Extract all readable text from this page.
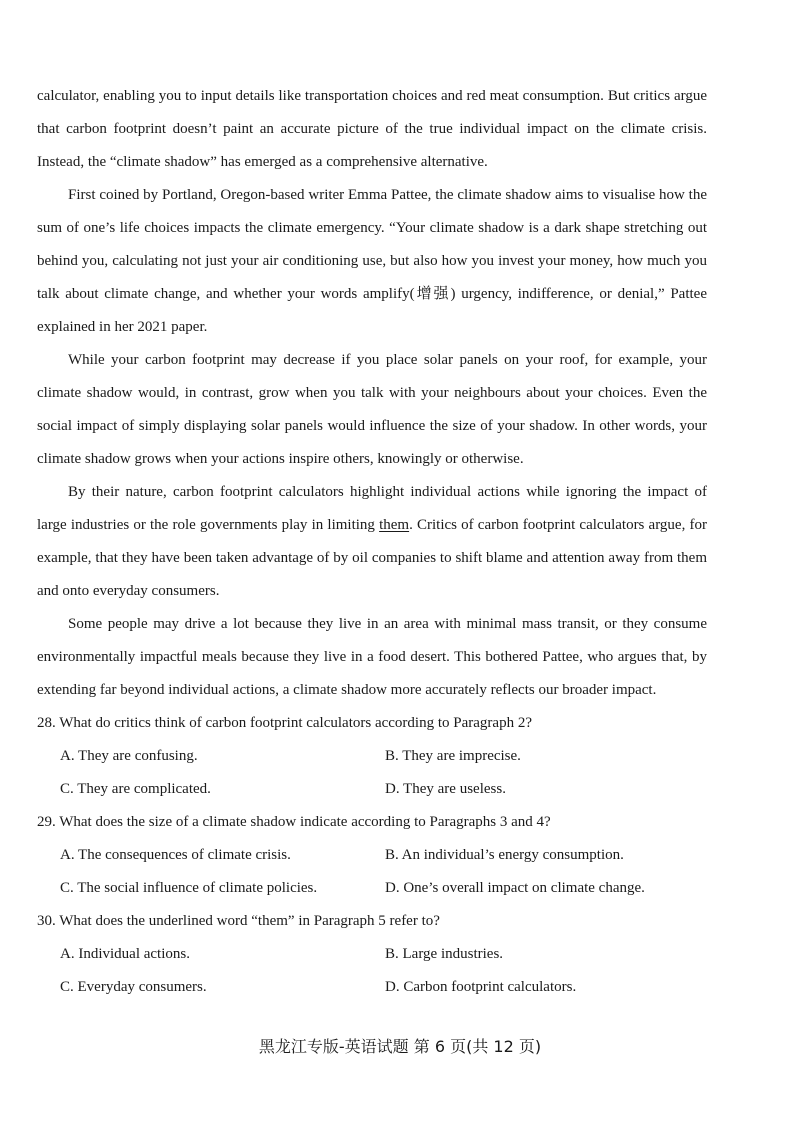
calculator, enabling you to input details like transportation choices and red meat consumption. But critics argue that carbon footprint doesn’t paint an accurate picture of the true individual impact on the climate crisis. Instead, the “climate shadow” has emerged as a comprehensive alternative.

First coined by Portland, Oregon-based writer Emma Pattee, the climate shadow aims to visualise how the sum of one’s life choices impacts the climate emergency. “Your climate shadow is a dark shape stretching out behind you, calculating not just your air conditioning use, but also how you invest your money, how much you talk about climate change, and whether your words amplify(增强) urgency, indifference, or denial,” Pattee explained in her 2021 paper.

While your carbon footprint may decrease if you place solar panels on your roof, for example, your climate shadow would, in contrast, grow when you talk with your neighbours about your choices. Even the social impact of simply displaying solar panels would influence the size of your shadow. In other words, your climate shadow grows when your actions inspire others, knowingly or otherwise.

By their nature, carbon footprint calculators highlight individual actions while ignoring the impact of large industries or the role governments play in limiting them. Critics of carbon footprint calculators argue, for example, that they have been taken advantage of by oil companies to shift blame and attention away from them and onto everyday consumers.

Some people may drive a lot because they live in an area with minimal mass transit, or they consume environmentally impactful meals because they live in a food desert. This bothered Pattee, who argues that, by extending far beyond individual actions, a climate shadow more accurately reflects our broader impact.

28. What do critics think of carbon footprint calculators according to Paragraph 2?

A. They are confusing.	B. They are imprecise.
C. They are complicated.	D. They are useless.

29. What does the size of a climate shadow indicate according to Paragraphs 3 and 4?

A. The consequences of climate crisis.	B. An individual’s energy consumption.
C. The social influence of climate policies.	D. One’s overall impact on climate change.

30. What does the underlined word “them” in Paragraph 5 refer to?

A. Individual actions.	B. Large industries.
C. Everyday consumers.	D. Carbon footprint calculators.
黑龙江专版-英语试题 第 6 页(共 12 页)
